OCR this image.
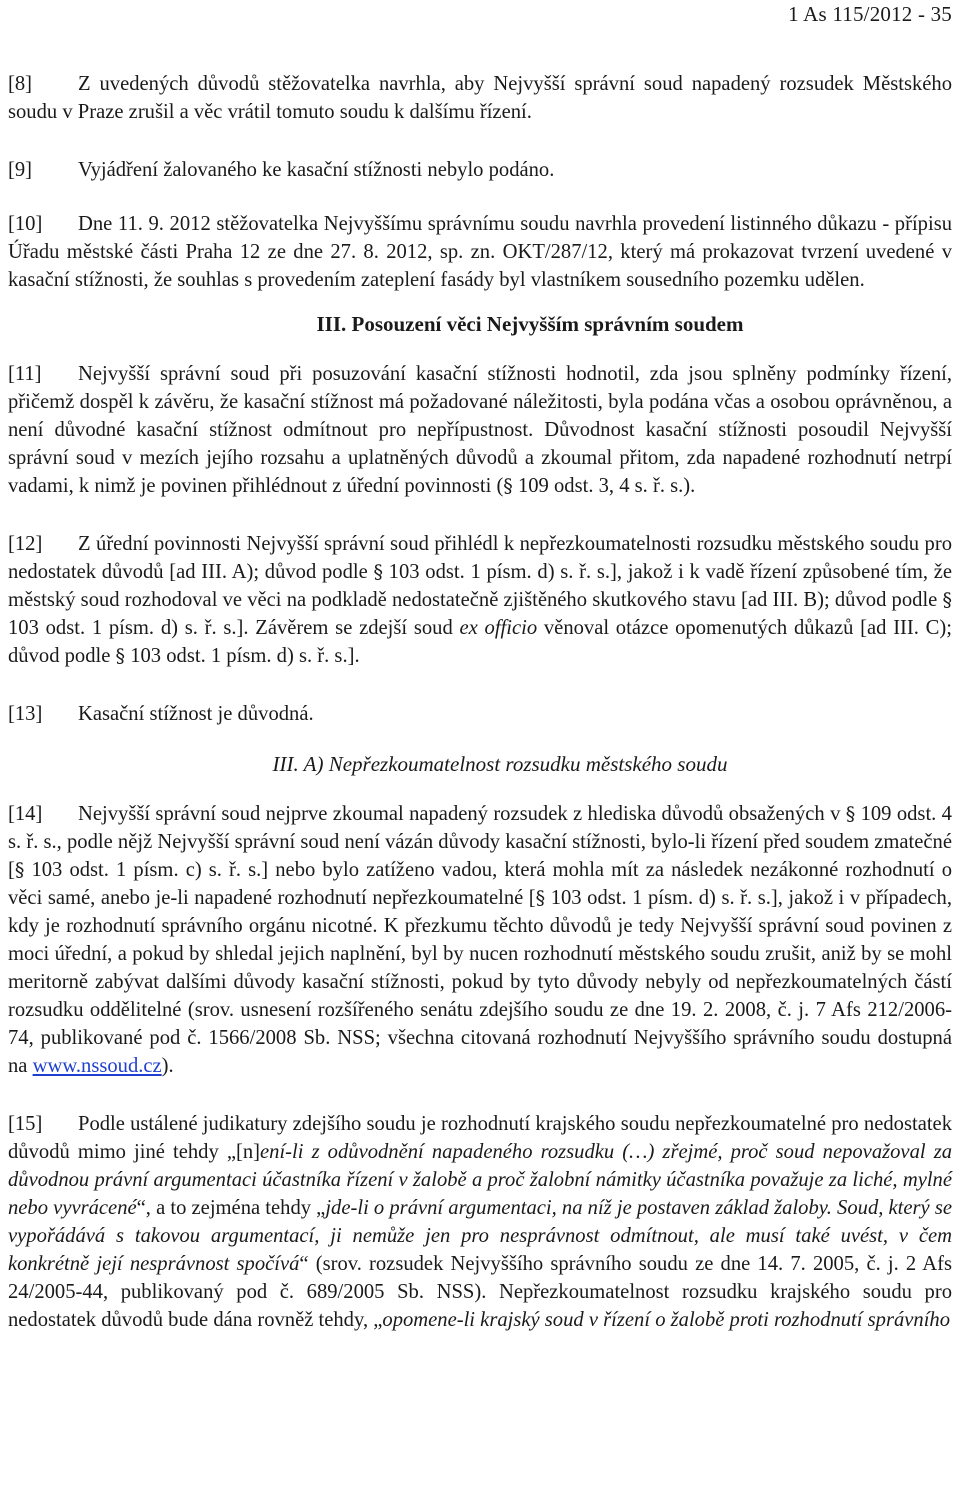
1 As 115/2012 - 35

[8] Z uvedených důvodů stěžovatelka navrhla, aby Nejvyšší správní soud napadený rozsudek Městského soudu v Praze zrušil a věc vrátil tomuto soudu k dalšímu řízení.

[9] Vyjádření žalovaného ke kasační stížnosti nebylo podáno.

[10] Dne 11. 9. 2012 stěžovatelka Nejvyššímu správnímu soudu navrhla provedení listinného důkazu - přípisu Úřadu městské části Praha 12 ze dne 27. 8. 2012, sp. zn. OKT/287/12, který má prokazovat tvrzení uvedené v kasační stížnosti, že souhlas s provedením zateplení fasády byl vlastníkem sousedního pozemku udělen.

III. Posouzení věci Nejvyšším správním soudem

[11] Nejvyšší správní soud při posuzování kasační stížnosti hodnotil, zda jsou splněny podmínky řízení, přičemž dospěl k závěru, že kasační stížnost má požadované náležitosti, byla podána včas a osobou oprávněnou, a není důvodné kasační stížnost odmítnout pro nepřípustnost. Důvodnost kasační stížnosti posoudil Nejvyšší správní soud v mezích jejího rozsahu a uplatněných důvodů a zkoumal přitom, zda napadené rozhodnutí netrpí vadami, k nimž je povinen přihlédnout z úřední povinnosti (§ 109 odst. 3, 4 s. ř. s.).

[12] Z úřední povinnosti Nejvyšší správní soud přihlédl k nepřezkoumatelnosti rozsudku městského soudu pro nedostatek důvodů [ad III. A); důvod podle § 103 odst. 1 písm. d) s. ř. s.], jakož i k vadě řízení způsobené tím, že městský soud rozhodoval ve věci na podkladě nedostatečně zjištěného skutkového stavu [ad III. B); důvod podle § 103 odst. 1 písm. d) s. ř. s.]. Závěrem se zdejší soud ex officio věnoval otázce opomenutých důkazů [ad III. C); důvod podle § 103 odst. 1 písm. d) s. ř. s.].

[13] Kasační stížnost je důvodná.

III. A) Nepřezkoumatelnost rozsudku městského soudu

[14] Nejvyšší správní soud nejprve zkoumal napadený rozsudek z hlediska důvodů obsažených v § 109 odst. 4 s. ř. s., podle nějž Nejvyšší správní soud není vázán důvody kasační stížnosti, bylo-li řízení před soudem zmatečné [§ 103 odst. 1 písm. c) s. ř. s.] nebo bylo zatíženo vadou, která mohla mít za následek nezákonné rozhodnutí o věci samé, anebo je-li napadené rozhodnutí nepřezkoumatelné [§ 103 odst. 1 písm. d) s. ř. s.], jakož i v případech, kdy je rozhodnutí správního orgánu nicotné. K přezkumu těchto důvodů je tedy Nejvyšší správní soud povinen z moci úřední, a pokud by shledal jejich naplnění, byl by nucen rozhodnutí městského soudu zrušit, aniž by se mohl meritorně zabývat dalšími důvody kasační stížnosti, pokud by tyto důvody nebyly od nepřezkoumatelných částí rozsudku oddělitelné (srov. usnesení rozšířeného senátu zdejšího soudu ze dne 19. 2. 2008, č. j. 7 Afs 212/2006-74, publikované pod č. 1566/2008 Sb. NSS; všechna citovaná rozhodnutí Nejvyššího správního soudu dostupná na www.nssoud.cz).

[15] Podle ustálené judikatury zdejšího soudu je rozhodnutí krajského soudu nepřezkoumatelné pro nedostatek důvodů mimo jiné tehdy „[n]ení-li z odůvodnění napadeného rozsudku (…) zřejmé, proč soud nepovažoval za důvodnou právní argumentaci účastníka řízení v žalobě a proč žalobní námitky účastníka považuje za liché, mylné nebo vyvrácené“, a to zejména tehdy „jde-li o právní argumentaci, na níž je postaven základ žaloby. Soud, který se vypořádává s takovou argumentací, ji nemůže jen pro nesprávnost odmítnout, ale musí také uvést, v čem konkrétně její nesprávnost spočívá“ (srov. rozsudek Nejvyššího správního soudu ze dne 14. 7. 2005, č. j. 2 Afs 24/2005-44, publikovaný pod č. 689/2005 Sb. NSS). Nepřezkoumatelnost rozsudku krajského soudu pro nedostatek důvodů bude dána rovněž tehdy, „opomene-li krajský soud v řízení o žalobě proti rozhodnutí správního
